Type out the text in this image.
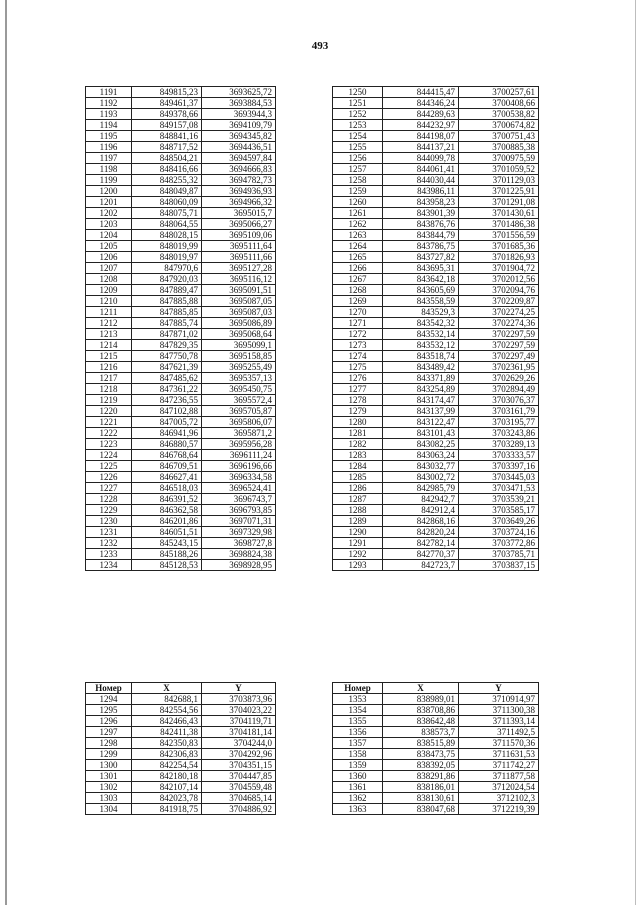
493
1191	849815,23	3693625,72
1192	849461,37	3693884,53
1193	849378,66	3693944,3
1194	849157,08	3694109,79
1195	848841,16	3694345,82
1196	848717,52	3694436,51
1197	848504,21	3694597,84
1198	848416,66	3694666,83
1199	848255,32	3694782,73
1200	848049,87	3694936,93
1201	848060,09	3694966,32
1202	848075,71	3695015,7
1203	848064,55	3695066,27
1204	848028,15	3695109,06
1205	848019,99	3695111,64
1206	848019,97	3695111,66
1207	847970,6	3695127,28
1208	847920,03	3695116,12
1209	847889,47	3695091,51
1210	847885,88	3695087,05
1211	847885,85	3695087,03
1212	847885,74	3695086,89
1213	847871,02	3695068,64
1214	847829,35	3695099,1
1215	847750,78	3695158,85
1216	847621,39	3695255,49
1217	847485,62	3695357,13
1218	847361,22	3695450,75
1219	847236,55	3695572,4
1220	847102,88	3695705,87
1221	847005,72	3695806,07
1222	846941,96	3695871,2
1223	846880,57	3695956,28
1224	846768,64	3696111,24
1225	846709,51	3696196,66
1226	846627,41	3696334,58
1227	846518,03	3696524,41
1228	846391,52	3696743,7
1229	846362,58	3696793,85
1230	846201,86	3697071,31
1231	846051,51	3697329,98
1232	845243,15	3698727,8
1233	845188,26	3698824,38
1234	845128,53	3698928,95
1250	844415,47	3700257,61
1251	844346,24	3700408,66
1252	844289,63	3700538,82
1253	844232,97	3700674,82
1254	844198,07	3700751,43
1255	844137,21	3700885,38
1256	844099,78	3700975,59
1257	844061,41	3701059,52
1258	844030,44	3701129,03
1259	843986,11	3701225,91
1260	843958,23	3701291,08
1261	843901,39	3701430,61
1262	843876,76	3701486,38
1263	843844,79	3701556,59
1264	843786,75	3701685,36
1265	843727,82	3701826,93
1266	843695,31	3701904,72
1267	843642,18	3702012,56
1268	843605,69	3702094,76
1269	843558,59	3702209,87
1270	843529,3	3702274,25
1271	843542,32	3702274,36
1272	843532,14	3702297,59
1273	843532,12	3702297,59
1274	843518,74	3702297,49
1275	843489,42	3702361,95
1276	843371,89	3702629,26
1277	843254,89	3702894,49
1278	843174,47	3703076,37
1279	843137,99	3703161,79
1280	843122,47	3703195,77
1281	843101,43	3703243,86
1282	843082,25	3703289,13
1283	843063,24	3703333,57
1284	843032,77	3703397,16
1285	843002,72	3703445,03
1286	842985,79	3703471,53
1287	842942,7	3703539,21
1288	842912,4	3703585,17
1289	842868,16	3703649,26
1290	842820,24	3703724,16
1291	842782,14	3703772,86
1292	842770,37	3703785,71
1293	842723,7	3703837,15
Номер	X	Y
1294	842688,1	3703873,96
1295	842554,56	3704023,22
1296	842466,43	3704119,71
1297	842411,38	3704181,14
1298	842350,83	3704244,0
1299	842306,83	3704292,96
1300	842254,54	3704351,15
1301	842180,18	3704447,85
1302	842107,14	3704559,48
1303	842023,78	3704685,14
1304	841918,75	3704886,92
Номер	X	Y
1353	838989,01	3710914,97
1354	838708,86	3711300,38
1355	838642,48	3711393,14
1356	838573,7	3711492,5
1357	838515,89	3711570,36
1358	838473,75	3711631,53
1359	838392,05	3711742,27
1360	838291,86	3711877,58
1361	838186,01	3712024,54
1362	838130,61	3712102,3
1363	838047,68	3712219,39
